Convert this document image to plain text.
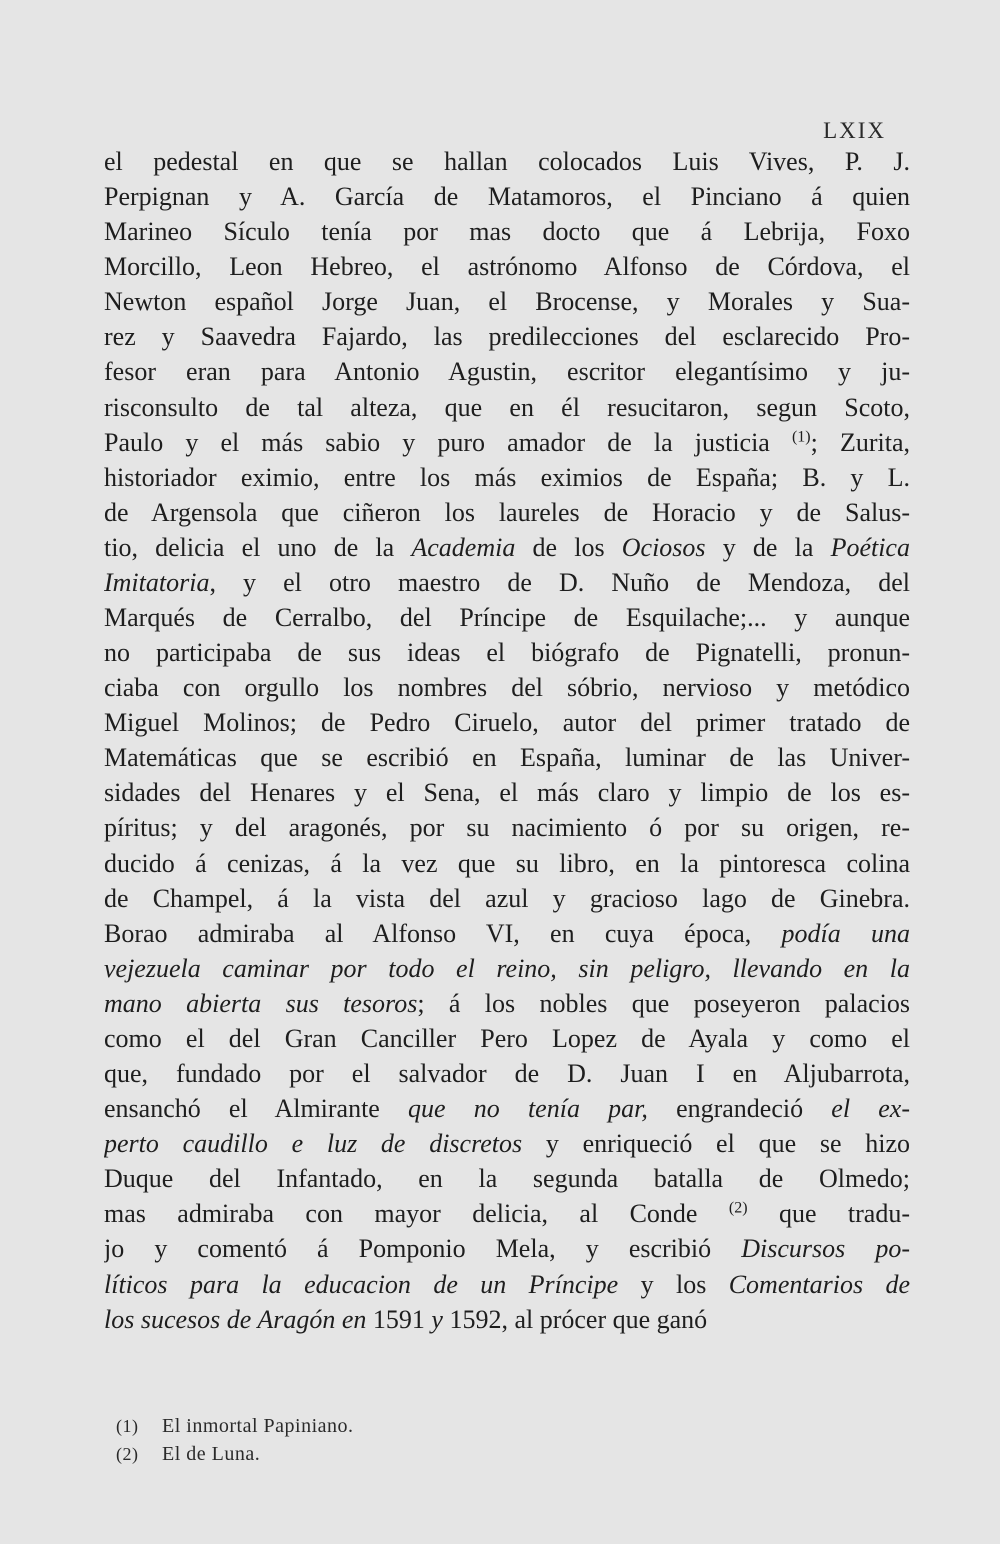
LXIX
el pedestal en que se hallan colocados Luis Vives, P. J.
Perpignan y A. García de Matamoros, el Pinciano á quien
Marineo Sículo tenía por mas docto que á Lebrija, Foxo
Morcillo, Leon Hebreo, el astrónomo Alfonso de Córdova, el
Newton español Jorge Juan, el Brocense, y Morales y Sua-
rez y Saavedra Fajardo, las predilecciones del esclarecido Pro-
fesor eran para Antonio Agustin, escritor elegantísimo y ju-
risconsulto de tal alteza, que en él resucitaron, segun Scoto,
Paulo y el más sabio y puro amador de la justicia $^{(1)}$; Zurita,
historiador eximio, entre los más eximios de España; B. y L.
de Argensola que ciñeron los laureles de Horacio y de Salus-
tio, delicia el uno de la Academia de los Ociosos y de la Poética
Imitatoria, y el otro maestro de D. Nuño de Mendoza, del
Marqués de Cerralbo, del Príncipe de Esquilache;... y aunque
no participaba de sus ideas el biógrafo de Pignatelli, pronun-
ciaba con orgullo los nombres del sóbrio, nervioso y metódico
Miguel Molinos; de Pedro Ciruelo, autor del primer tratado de
Matemáticas que se escribió en España, luminar de las Univer-
sidades del Henares y el Sena, el más claro y limpio de los es-
píritus; y del aragonés, por su nacimiento ó por su origen, re-
ducido á cenizas, á la vez que su libro, en la pintoresca colina
de Champel, á la vista del azul y gracioso lago de Ginebra.
Borao admiraba al Alfonso VI, en cuya época, podía una
vejezuela caminar por todo el reino, sin peligro, llevando en la
mano abierta sus tesoros; á los nobles que poseyeron palacios
como el del Gran Canciller Pero Lopez de Ayala y como el
que, fundado por el salvador de D. Juan I en Aljubarrota,
ensanchó el Almirante que no tenía par, engrandeció el ex-
perto caudillo e luz de discretos y enriqueció el que se hizo
Duque del Infantado, en la segunda batalla de Olmedo;
mas admiraba con mayor delicia, al Conde $^{(2)}$ que tradu-
jo y comentó á Pomponio Mela, y escribió Discursos po-
líticos para la educacion de un Príncipe y los Comentarios de
los sucesos de Aragón en 1591 y 1592, al prócer que ganó
(1) El inmortal Papiniano.
(2) El de Luna.
